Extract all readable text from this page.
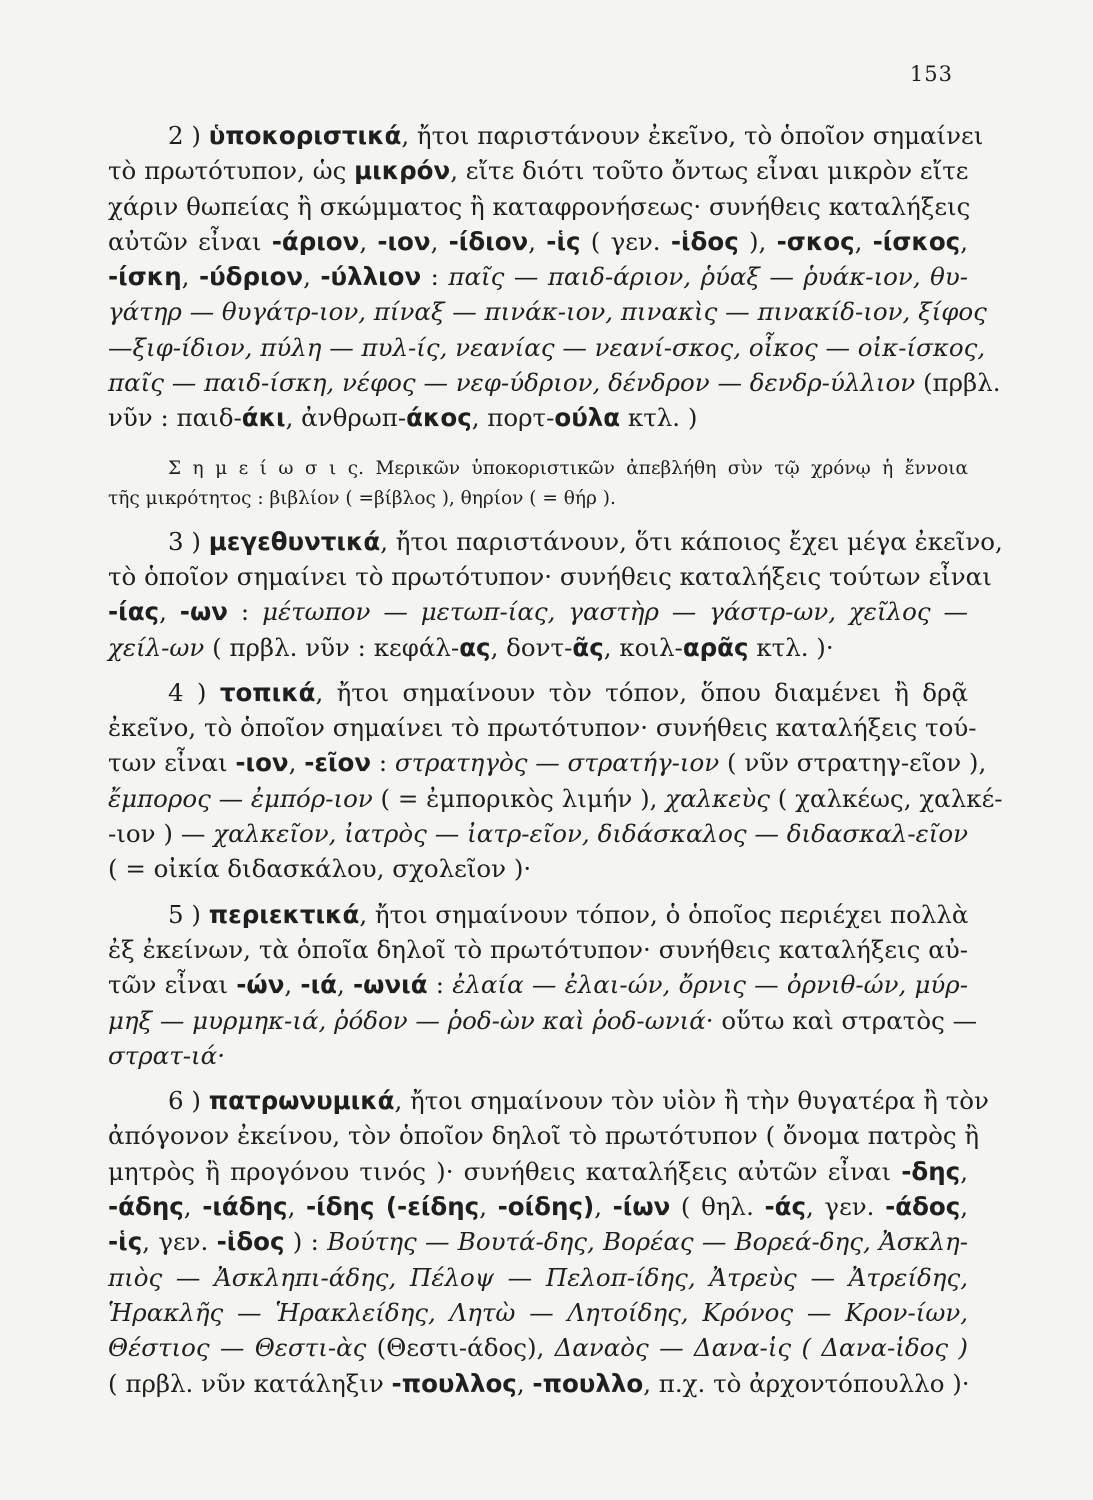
153
2 ) ὑποκοριστικά, ἤτοι παριστάνουν ἐκεῖνο, τὸ ὁποῖον σημαίνει
τὸ πρωτότυπον, ὡς μικρόν, εἴτε διότι τοῦτο ὄντως εἶναι μικρὸν εἴτε
χάριν θωπείας ἢ σκώμματος ἢ καταφρονήσεως· συνήθεις καταλήξεις
αὐτῶν εἶναι -άριον, -ιον, -ίδιον, -ἱς ( γεν. -ἱδος ), -σκος, -ίσκος,
-ίσκη, -ύδριον, -ύλλιον : παῖς — παιδ-άριον, ῥύαξ — ῥυάκ-ιον, θυ-
γάτηρ — θυγάτρ-ιον, πίναξ — πινάκ-ιον, πινακὶς — πινακίδ-ιον, ξίφος
—ξιφ-ίδιον, πύλη — πυλ-ίς, νεανίας — νεανί-σκος, οἶκος — οἰκ-ίσκος,
παῖς — παιδ-ίσκη, νέφος — νεφ-ύδριον, δένδρον — δενδρ-ύλλιον (πρβλ.
νῦν : παιδ-άκι, ἀνθρωπ-άκος, πορτ-ούλα κτλ. )
Σ η μ ε ί ω σ ι ς. Μερικῶν ὑποκοριστικῶν ἀπεβλήθη σὺν τῷ χρόνῳ ἡ ἔννοια
τῆς μικρότητος : βιβλίον ( =βίβλος ), θηρίον ( = θήρ ).
3 ) μεγεθυντικά, ἤτοι παριστάνουν, ὅτι κάποιος ἔχει μέγα ἐκεῖνο,
τὸ ὁποῖον σημαίνει τὸ πρωτότυπον· συνήθεις καταλήξεις τούτων εἶναι
-ίας, -ων : μέτωπον — μετωπ-ίας, γαστὴρ — γάστρ-ων, χεῖλος —
χείλ-ων ( πρβλ. νῦν : κεφάλ-ας, δοντ-ᾶς, κοιλ-αρᾶς κτλ. )·
4 ) τοπικά, ἤτοι σημαίνουν τὸν τόπον, ὅπου διαμένει ἢ δρᾷ
ἐκεῖνο, τὸ ὁποῖον σημαίνει τὸ πρωτότυπον· συνήθεις καταλήξεις τού-
των εἶναι -ιον, -εῖον : στρατηγὸς — στρατήγ-ιον ( νῦν στρατηγ-εῖον ),
ἔμπορος — ἐμπόρ-ιον ( = ἐμπορικὸς λιμήν ), χαλκεὺς ( χαλκέως, χαλκέ-
-ιον ) — χαλκεῖον, ἰατρὸς — ἰατρ-εῖον, διδάσκαλος — διδασκαλ-εῖον
( = οἰκία διδασκάλου, σχολεῖον )·
5 ) περιεκτικά, ἤτοι σημαίνουν τόπον, ὁ ὁποῖος περιέχει πολλὰ
ἐξ ἐκείνων, τὰ ὁποῖα δηλοῖ τὸ πρωτότυπον· συνήθεις καταλήξεις αὐ-
τῶν εἶναι -ών, -ιά, -ωνιά : ἐλαία — ἐλαι-ών, ὄρνις — ὀρνιθ-ών, μύρ-
μηξ — μυρμηκ-ιά, ῥόδον — ῥοδ-ὼν καὶ ῥοδ-ωνιά· οὕτω καὶ στρατὸς —
στρατ-ιά·
6 ) πατρωνυμικά, ἤτοι σημαίνουν τὸν υἱὸν ἢ τὴν θυγατέρα ἢ τὸν
ἀπόγονον ἐκείνου, τὸν ὁποῖον δηλοῖ τὸ πρωτότυπον ( ὄνομα πατρὸς ἢ
μητρὸς ἢ προγόνου τινός )· συνήθεις καταλήξεις αὐτῶν εἶναι -δης,
-άδης, -ιάδης, -ίδης (-είδης, -οίδης), -ίων ( θηλ. -άς, γεν. -άδος,
-ἱς, γεν. -ἱδος ) : Βούτης — Βουτά-δης, Βορέας — Βορεά-δης, Ἀσκλη-
πιὸς — Ἀσκληπι-άδης, Πέλοψ — Πελοπ-ίδης, Ἀτρεὺς — Ἀτρείδης,
Ἡρακλῆς — Ἡρακλείδης, Λητὼ — Λητοίδης, Κρόνος — Κρον-ίων,
Θέστιος — Θεστι-ὰς (Θεστι-άδος), Δαναὸς — Δανα-ἱς ( Δανα-ἱδος )
( πρβλ. νῦν κατάληξιν -πουλλος, -πουλλο, π.χ. τὸ ἀρχοντόπουλλο )·
